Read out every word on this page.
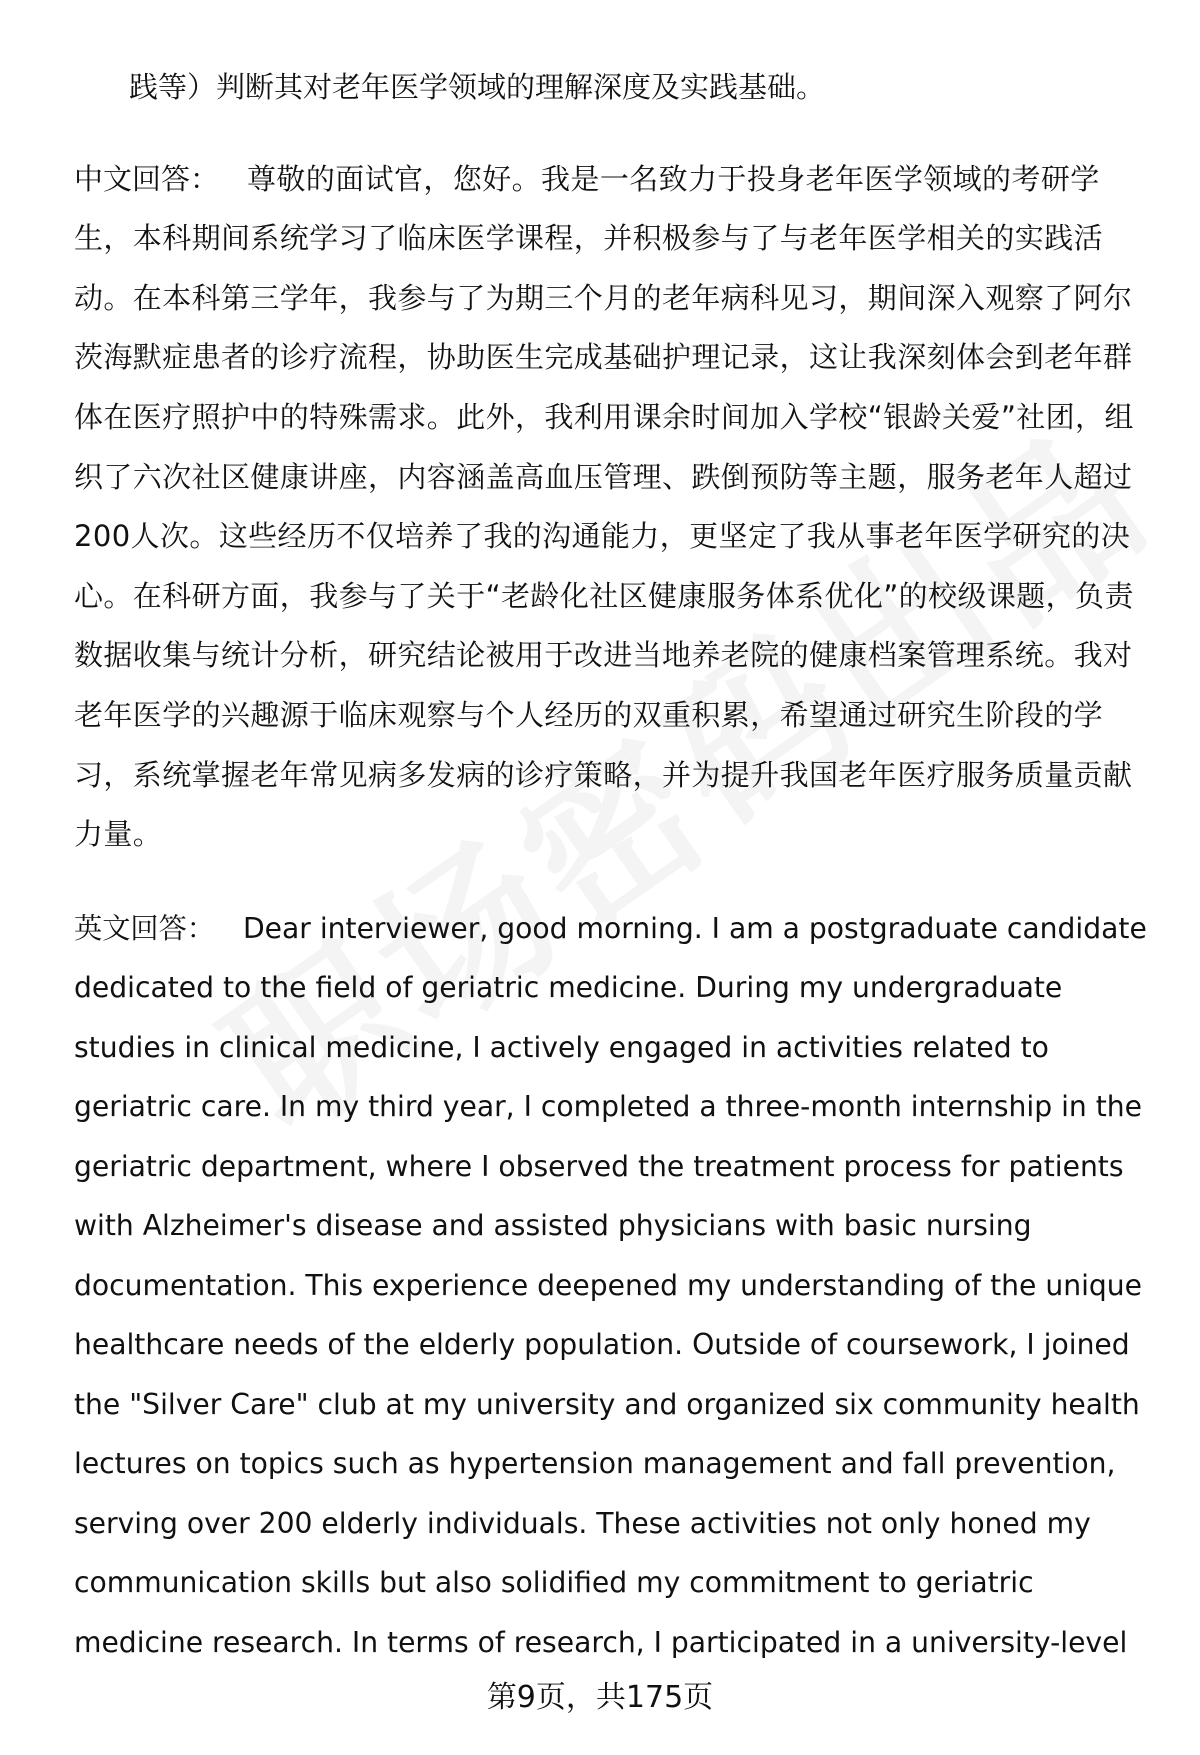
践等）判断其对老年医学领域的理解深度及实践基础。

中文回答： 尊敬的面试官，您好。我是一名致力于投身老年医学领域的考研学生，本科期间系统学习了临床医学课程，并积极参与了与老年医学相关的实践活动。在本科第三学年，我参与了为期三个月的老年病科见习，期间深入观察了阿尔茨海默症患者的诊疗流程，协助医生完成基础护理记录，这让我深刻体会到老年群体在医疗照护中的特殊需求。此外，我利用课余时间加入学校“银龄关爱”社团，组织了六次社区健康讲座，内容涵盖高血压管理、跌倒预防等主题，服务老年人超过200人次。这些经历不仅培养了我的沟通能力，更坚定了我从事老年医学研究的决心。在科研方面，我参与了关于“老龄化社区健康服务体系优化”的校级课题，负责数据收集与统计分析，研究结论被用于改进当地养老院的健康档案管理系统。我对老年医学的兴趣源于临床观察与个人经历的双重积累，希望通过研究生阶段的学习，系统掌握老年常见病多发病的诊疗策略，并为提升我国老年医疗服务质量贡献力量。

英文回答： Dear interviewer, good morning. I am a postgraduate candidate dedicated to the field of geriatric medicine. During my undergraduate studies in clinical medicine, I actively engaged in activities related to geriatric care. In my third year, I completed a three-month internship in the geriatric department, where I observed the treatment process for patients with Alzheimer's disease and assisted physicians with basic nursing documentation. This experience deepened my understanding of the unique healthcare needs of the elderly population. Outside of coursework, I joined the "Silver Care" club at my university and organized six community health lectures on topics such as hypertension management and fall prevention, serving over 200 elderly individuals. These activities not only honed my communication skills but also solidified my commitment to geriatric medicine research. In terms of research, I participated in a university-level

第9页，共175页
